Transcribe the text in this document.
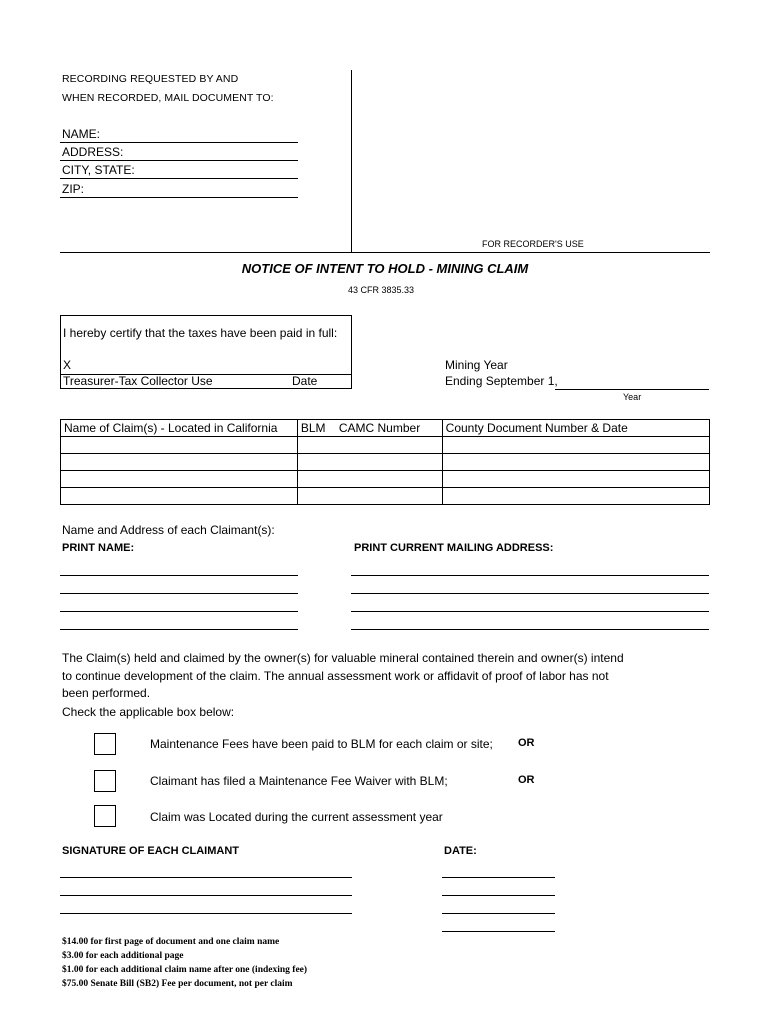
RECORDING REQUESTED BY AND
WHEN RECORDED, MAIL DOCUMENT TO:
NAME:
ADDRESS:
CITY, STATE:
ZIP:
FOR RECORDER'S USE
NOTICE OF INTENT TO HOLD - MINING CLAIM
43 CFR 3835.33
I hereby certify that the taxes have been paid in full:
X
Treasurer-Tax Collector Use	Date
Mining Year
Ending September 1,
Year
Name of Claim(s) - Located in California	BLM    CAMC Number	County Document Number & Date

Name and Address of each Claimant(s):
PRINT NAME:	PRINT CURRENT MAILING ADDRESS:
The Claim(s) held and claimed by the owner(s) for valuable mineral contained therein and owner(s) intend
to continue development of the claim. The annual assessment work or affidavit of proof of labor has not
been performed.
Check the applicable box below:
Maintenance Fees have been paid to BLM for each claim or site; OR
Claimant has filed a Maintenance Fee Waiver with BLM;	OR
Claim was Located during the current assessment year
SIGNATURE OF EACH CLAIMANT	DATE:
$14.00 for first page of document and one claim name
$3.00 for each additional page
$1.00 for each additional claim name after one (indexing fee)
$75.00 Senate Bill (SB2) Fee per document, not per claim
